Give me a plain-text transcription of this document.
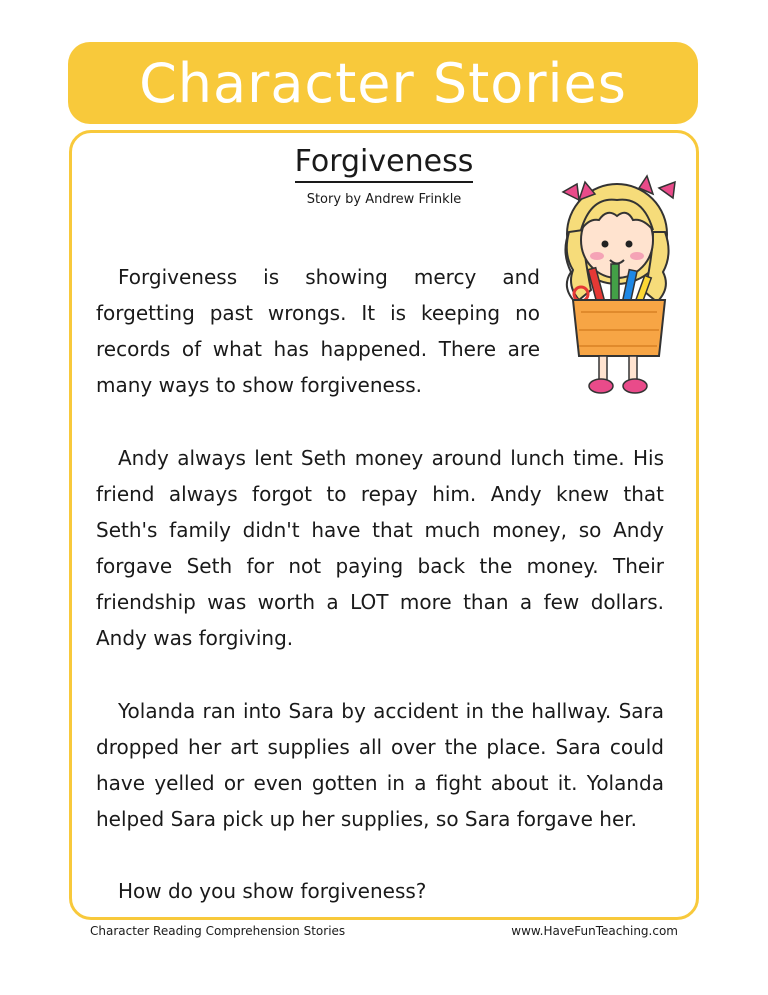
Character Stories
Forgiveness
Story by Andrew Frinkle

Forgiveness is showing mercy and forgetting past wrongs. It is keeping no records of what has happened. There are many ways to show forgiveness.

Andy always lent Seth money around lunch time. His friend always forgot to repay him. Andy knew that Seth's family didn't have that much money, so Andy forgave Seth for not paying back the money. Their friendship was worth a LOT more than a few dollars. Andy was forgiving.

Yolanda ran into Sara by accident in the hallway. Sara dropped her art supplies all over the place. Sara could have yelled or even gotten in a fight about it. Yolanda helped Sara pick up her supplies, so Sara forgave her.

How do you show forgiveness?

Character Reading Comprehension Stories	www.HaveFunTeaching.com
